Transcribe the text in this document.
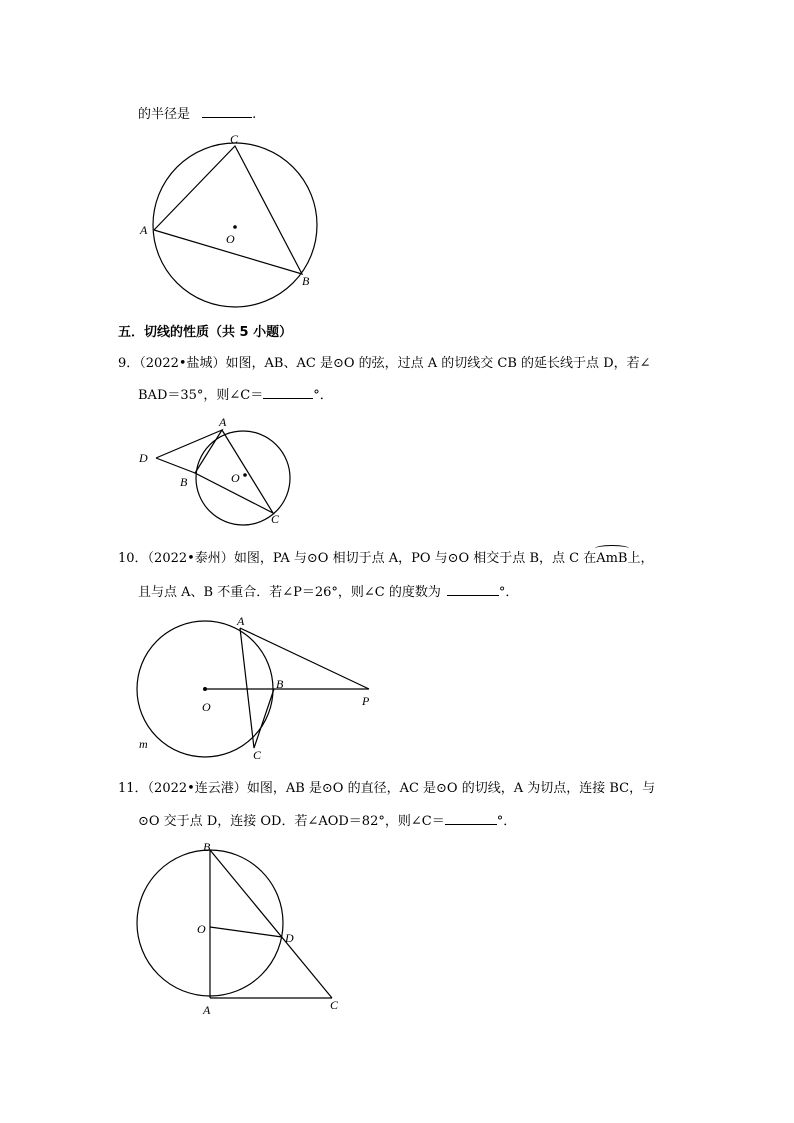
的半径是	.
C
A
B
O
五．切线的性质（共 5 小题）
9．（2022•盐城）如图，AB、AC 是⊙O 的弦，过点 A 的切线交 CB 的延长线于点 D，若∠
BAD＝35°，则∠C＝	°．
A
D
B	O
C
10．（2022•泰州）如图，PA 与⊙O 相切于点 A，PO 与⊙O 相交于点 B，点 C 在AmB上，
且与点 A、B 不重合．若∠P＝26°，则∠C 的度数为	°．
A
B
O	P
C
m
11．（2022•连云港）如图，AB 是⊙O 的直径，AC 是⊙O 的切线，A 为切点，连接 BC，与
⊙O 交于点 D，连接 OD．若∠AOD＝82°，则∠C＝	°．
B
O
D
A	C
